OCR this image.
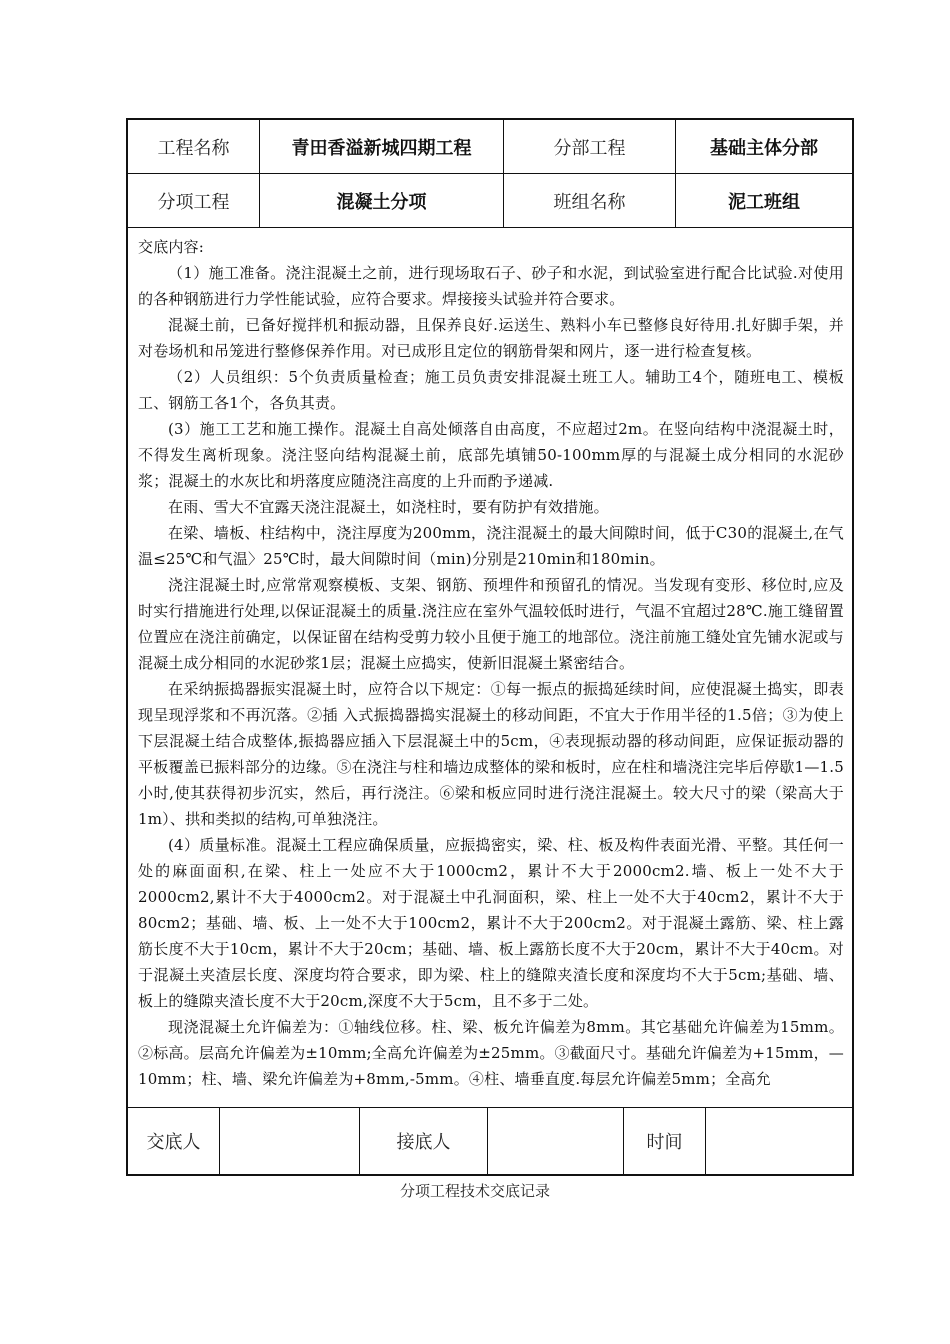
工程名称	青田香溢新城四期工程	分部工程	基础主体分部
分项工程	混凝土分项	班组名称	泥工班组

交底内容:

（1）施工准备。浇注混凝土之前，进行现场取石子、砂子和水泥，到试验室进行配合比试验.对使用的各种钢筋进行力学性能试验，应符合要求。焊接接头试验并符合要求。

混凝土前，已备好搅拌机和振动器，且保养良好.运送生、熟料小车已整修良好待用.扎好脚手架，并对卷场机和吊笼进行整修保养作用。对已成形且定位的钢筋骨架和网片，逐一进行检查复核。

（2）人员组织：5个负责质量检查；施工员负责安排混凝土班工人。辅助工4个，随班电工、模板工、钢筋工各1个，各负其责。

(3）施工工艺和施工操作。混凝土自高处倾落自由高度，不应超过2m。在竖向结构中浇混凝土时，不得发生离析现象。浇注竖向结构混凝土前，底部先填铺50-100mm厚的与混凝土成分相同的水泥砂浆；混凝土的水灰比和坍落度应随浇注高度的上升而酌予递减.

在雨、雪大不宜露天浇注混凝土，如浇柱时，要有防护有效措施。

在梁、墙板、柱结构中，浇注厚度为200mm，浇注混凝土的最大间隙时间，低于C30的混凝土,在气温≤25℃和气温〉25℃时，最大间隙时间（min)分别是210min和180min。

浇注混凝土时,应常常观察模板、支架、钢筋、预埋件和预留孔的情况。当发现有变形、移位时,应及时实行措施进行处理,以保证混凝土的质量.浇注应在室外气温较低时进行，气温不宜超过28℃.施工缝留置位置应在浇注前确定，以保证留在结构受剪力较小且便于施工的地部位。浇注前施工缝处宜先铺水泥或与混凝土成分相同的水泥砂浆1层；混凝土应捣实，使新旧混凝土紧密结合。

在采纳振捣器振实混凝土时，应符合以下规定：①每一振点的振捣延续时间，应使混凝土捣实，即表现呈现浮浆和不再沉落。②插 入式振捣器捣实混凝土的移动间距，不宜大于作用半径的1.5倍；③为使上下层混凝土结合成整体,振捣器应插入下层混凝土中的5cm，④表现振动器的移动间距，应保证振动器的平板覆盖已振料部分的边缘。⑤在浇注与柱和墙边成整体的梁和板时，应在柱和墙浇注完毕后停歇1—1.5小时,使其获得初步沉实，然后，再行浇注。⑥梁和板应同时进行浇注混凝土。较大尺寸的梁（梁高大于1m）、拱和类拟的结构,可单独浇注。

(4）质量标准。混凝土工程应确保质量，应振捣密实，梁、柱、板及构件表面光滑、平整。其任何一处的麻面面积,在梁、柱上一处应不大于1000cm2，累计不大于2000cm2.墙、板上一处不大于2000cm2,累计不大于4000cm2。对于混凝土中孔洞面积，梁、柱上一处不大于40cm2，累计不大于80cm2；基础、墙、板、上一处不大于100cm2，累计不大于200cm2。对于混凝土露筋、梁、柱上露筋长度不大于10cm，累计不大于20cm；基础、墙、板上露筋长度不大于20cm，累计不大于40cm。对于混凝土夹渣层长度、深度均符合要求，即为梁、柱上的缝隙夹渣长度和深度均不大于5cm;基础、墙、板上的缝隙夹渣长度不大于20cm,深度不大于5cm，且不多于二处。

现浇混凝土允许偏差为：①轴线位移。柱、梁、板允许偏差为8mm。其它基础允许偏差为15mm。②标高。层高允许偏差为±10mm;全高允许偏差为±25mm。③截面尺寸。基础允许偏差为+15mm，—10mm；柱、墙、梁允许偏差为+8mm,-5mm。④柱、墙垂直度.每层允许偏差5mm；全高允

交底人	接底人	时间
分项工程技术交底记录
